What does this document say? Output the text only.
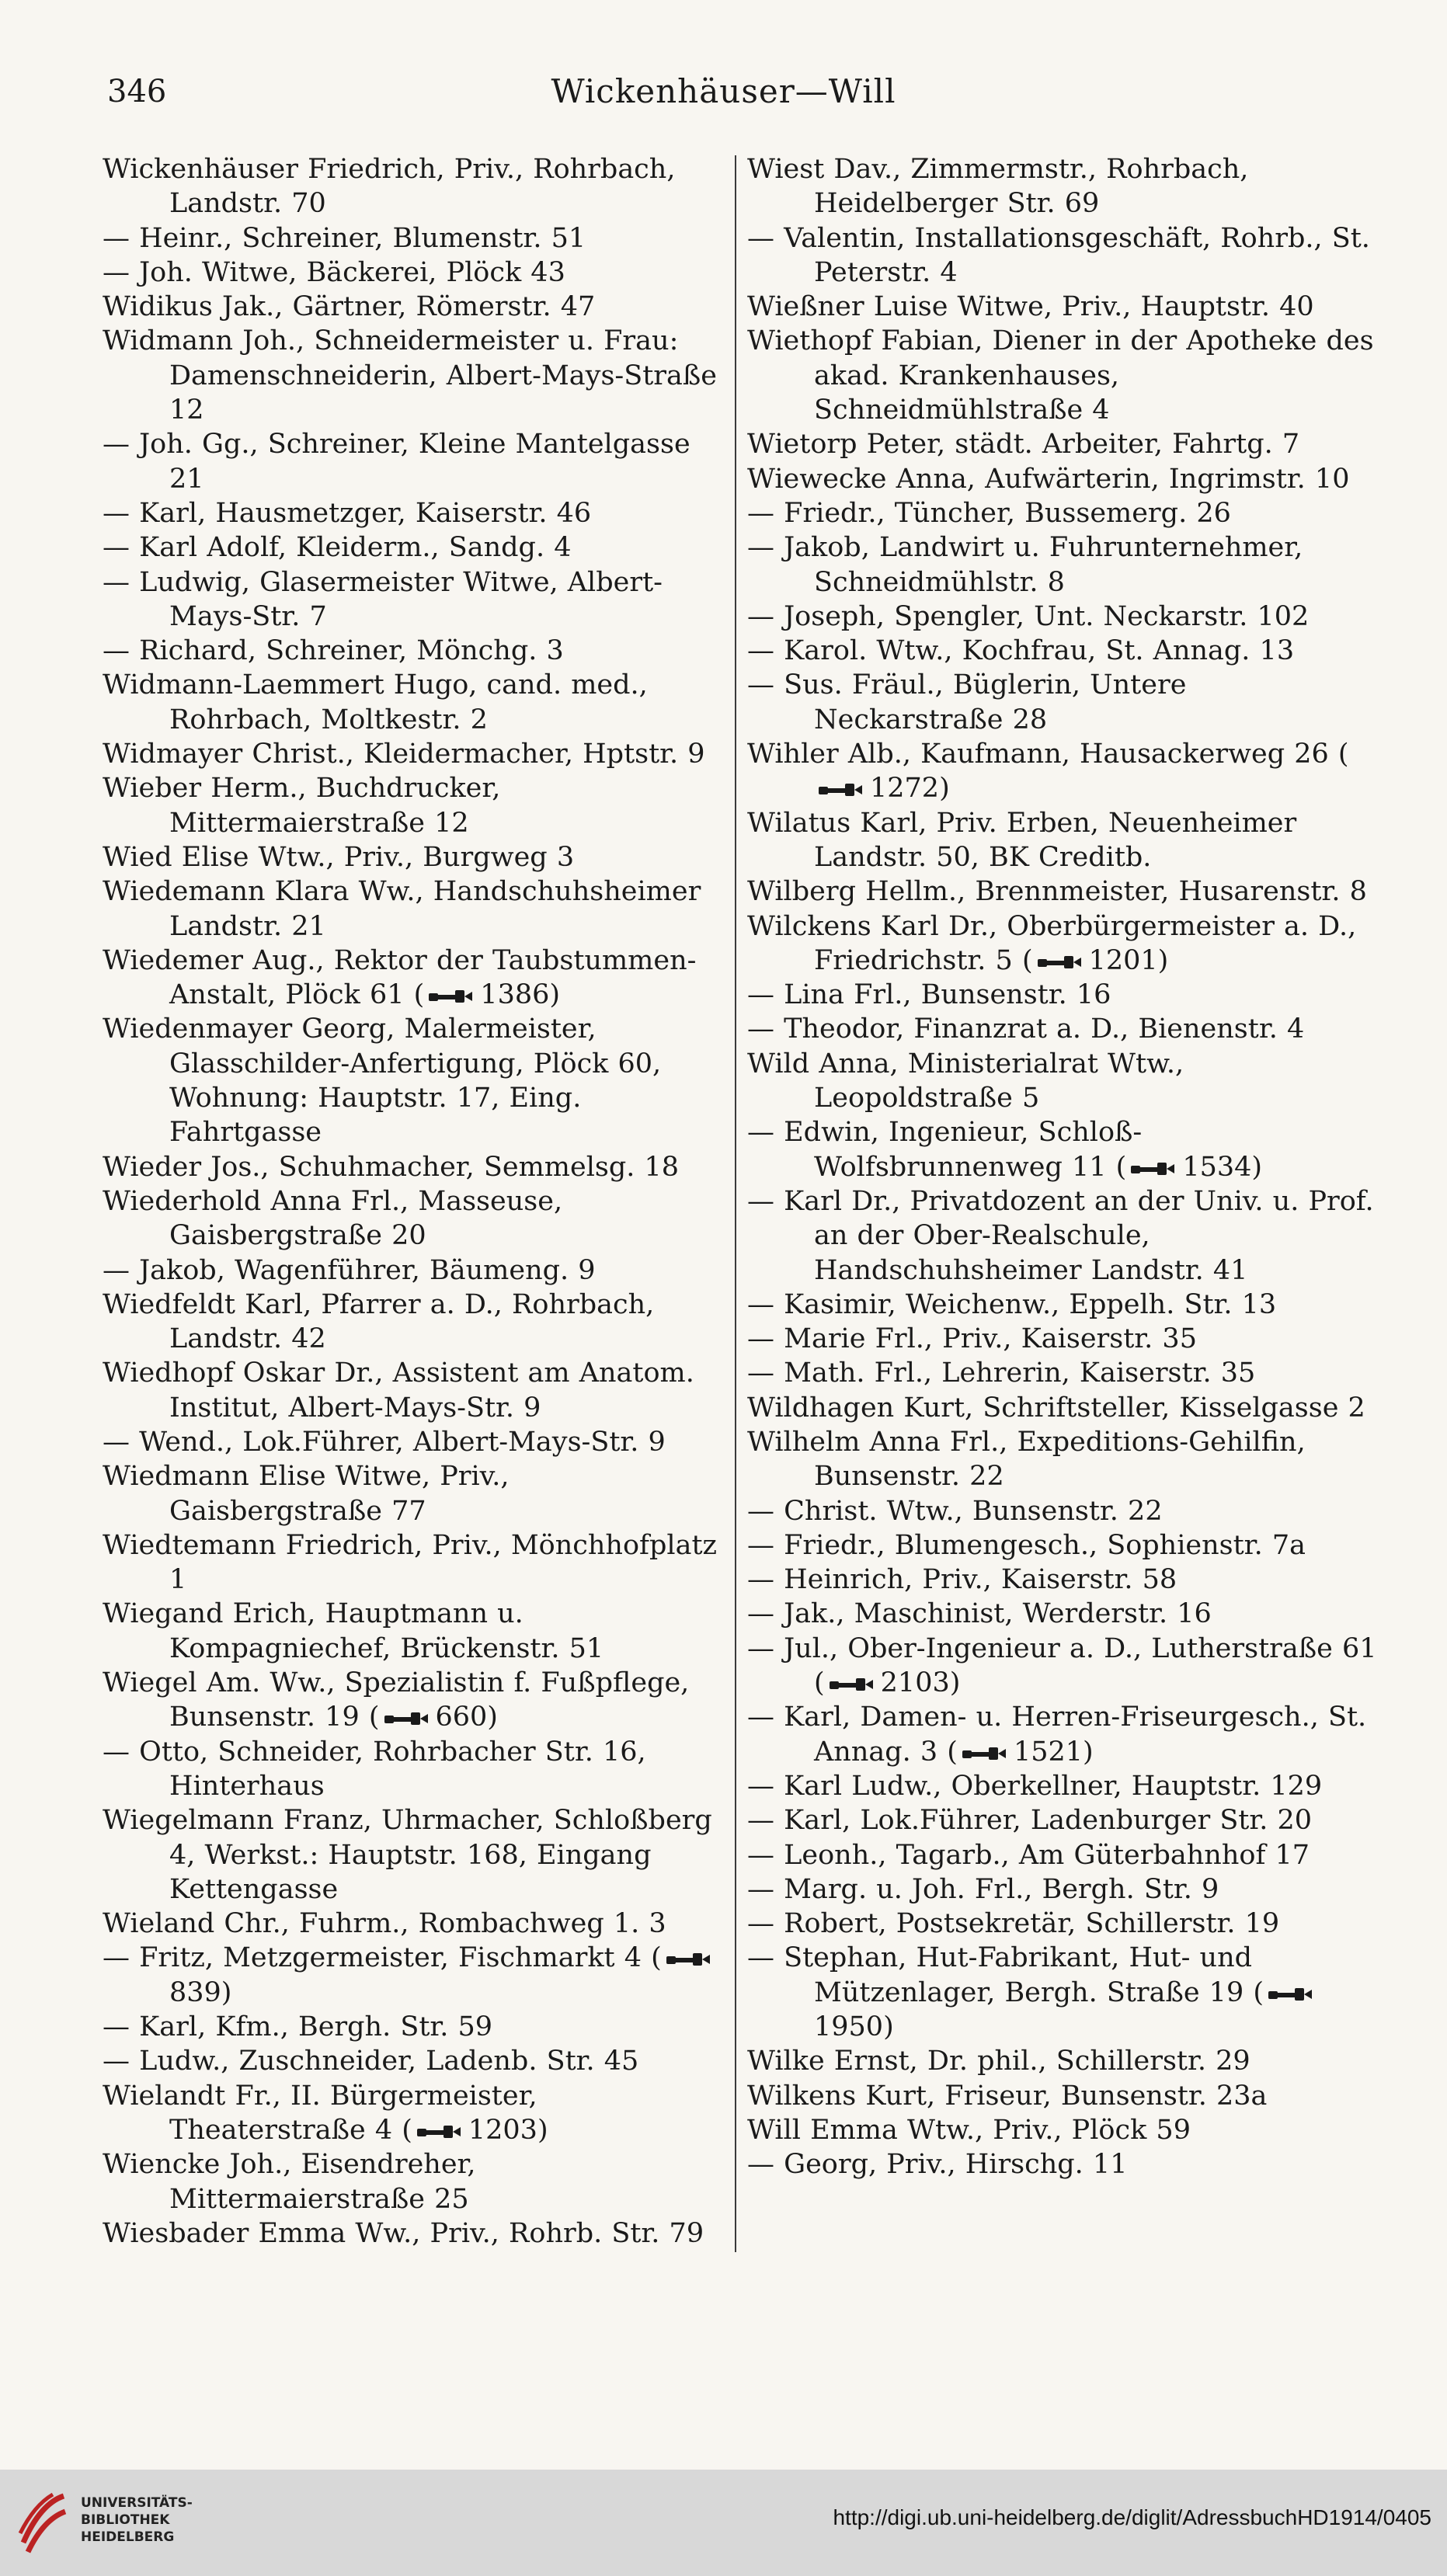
346	Wickenhäuser—Will
Wickenhäuser Friedrich, Priv., Rohrbach, Landstr. 70
— Heinr., Schreiner, Blumenstr. 51
— Joh. Witwe, Bäckerei, Plöck 43
Widikus Jak., Gärtner, Römerstr. 47
Widmann Joh., Schneidermeister u. Frau: Damenschneiderin, Albert-Mays-Straße 12
— Joh. Gg., Schreiner, Kleine Mantelgasse 21
— Karl, Hausmetzger, Kaiserstr. 46
— Karl Adolf, Kleiderm., Sandg. 4
— Ludwig, Glasermeister Witwe, Albert-Mays-Str. 7
— Richard, Schreiner, Mönchg. 3
Widmann-Laemmert Hugo, cand. med., Rohrbach, Moltkestr. 2
Widmayer Christ., Kleidermacher, Hptstr. 9
Wieber Herm., Buchdrucker, Mittermaierstraße 12
Wied Elise Wtw., Priv., Burgweg 3
Wiedemann Klara Ww., Handschuhsheimer Landstr. 21
Wiedemer Aug., Rektor der Taubstummen-Anstalt, Plöck 61 ( 1386)
Wiedenmayer Georg, Malermeister, Glasschilder-Anfertigung, Plöck 60, Wohnung: Hauptstr. 17, Eing. Fahrtgasse
Wieder Jos., Schuhmacher, Semmelsg. 18
Wiederhold Anna Frl., Masseuse, Gaisbergstraße 20
— Jakob, Wagenführer, Bäumeng. 9
Wiedfeldt Karl, Pfarrer a. D., Rohrbach, Landstr. 42
Wiedhopf Oskar Dr., Assistent am Anatom. Institut, Albert-Mays-Str. 9
— Wend., Lok.Führer, Albert-Mays-Str. 9
Wiedmann Elise Witwe, Priv., Gaisbergstraße 77
Wiedtemann Friedrich, Priv., Mönchhofplatz 1
Wiegand Erich, Hauptmann u. Kompagniechef, Brückenstr. 51
Wiegel Am. Ww., Spezialistin f. Fußpflege, Bunsenstr. 19 ( 660)
— Otto, Schneider, Rohrbacher Str. 16, Hinterhaus
Wiegelmann Franz, Uhrmacher, Schloßberg 4, Werkst.: Hauptstr. 168, Eingang Kettengasse
Wieland Chr., Fuhrm., Rombachweg 1. 3
— Fritz, Metzgermeister, Fischmarkt 4 (839)
— Karl, Kfm., Bergh. Str. 59
— Ludw., Zuschneider, Ladenb. Str. 45
Wielandt Fr., II. Bürgermeister, Theaterstraße 4 ( 1203)
Wiencke Joh., Eisendreher, Mittermaierstraße 25
Wiesbader Emma Ww., Priv., Rohrb. Str. 79
Wiest Dav., Zimmermstr., Rohrbach, Heidelberger Str. 69
— Valentin, Installationsgeschäft, Rohrb., St. Peterstr. 4
Wießner Luise Witwe, Priv., Hauptstr. 40
Wiethopf Fabian, Diener in der Apotheke des akad. Krankenhauses, Schneidmühlstraße 4
Wietorp Peter, städt. Arbeiter, Fahrtg. 7
Wiewecke Anna, Aufwärterin, Ingrimstr. 10
— Friedr., Tüncher, Bussemerg. 26
— Jakob, Landwirt u. Fuhrunternehmer, Schneidmühlstr. 8
— Joseph, Spengler, Unt. Neckarstr. 102
— Karol. Wtw., Kochfrau, St. Annag. 13
— Sus. Fräul., Büglerin, Untere Neckarstraße 28
Wihler Alb., Kaufmann, Hausackerweg 26 (1272)
Wilatus Karl, Priv. Erben, Neuenheimer Landstr. 50, BK Creditb.
Wilberg Hellm., Brennmeister, Husarenstr. 8
Wilckens Karl Dr., Oberbürgermeister a. D., Friedrichstr. 5 ( 1201)
— Lina Frl., Bunsenstr. 16
— Theodor, Finanzrat a. D., Bienenstr. 4
Wild Anna, Ministerialrat Wtw., Leopoldstraße 5
— Edwin, Ingenieur, Schloß-Wolfsbrunnenweg 11 ( 1534)
— Karl Dr., Privatdozent an der Univ. u. Prof. an der Ober-Realschule, Handschuhsheimer Landstr. 41
— Kasimir, Weichenw., Eppelh. Str. 13
— Marie Frl., Priv., Kaiserstr. 35
— Math. Frl., Lehrerin, Kaiserstr. 35
Wildhagen Kurt, Schriftsteller, Kisselgasse 2
Wilhelm Anna Frl., Expeditions-Gehilfin, Bunsenstr. 22
— Christ. Wtw., Bunsenstr. 22
— Friedr., Blumengesch., Sophienstr. 7a
— Heinrich, Priv., Kaiserstr. 58
— Jak., Maschinist, Werderstr. 16
— Jul., Ober-Ingenieur a. D., Lutherstraße 61 ( 2103)
— Karl, Damen- u. Herren-Friseurgesch., St. Annag. 3 ( 1521)
— Karl Ludw., Oberkellner, Hauptstr. 129
— Karl, Lok.Führer, Ladenburger Str. 20
— Leonh., Tagarb., Am Güterbahnhof 17
— Marg. u. Joh. Frl., Bergh. Str. 9
— Robert, Postsekretär, Schillerstr. 19
— Stephan, Hut-Fabrikant, Hut- und Mützenlager, Bergh. Straße 19 (1950)
Wilke Ernst, Dr. phil., Schillerstr. 29
Wilkens Kurt, Friseur, Bunsenstr. 23a
Will Emma Wtw., Priv., Plöck 59
— Georg, Priv., Hirschg. 11
UNIVERSITÄTS-
BIBLIOTHEK
HEIDELBERG
http://digi.ub.uni-heidelberg.de/diglit/AdressbuchHD1914/0405
